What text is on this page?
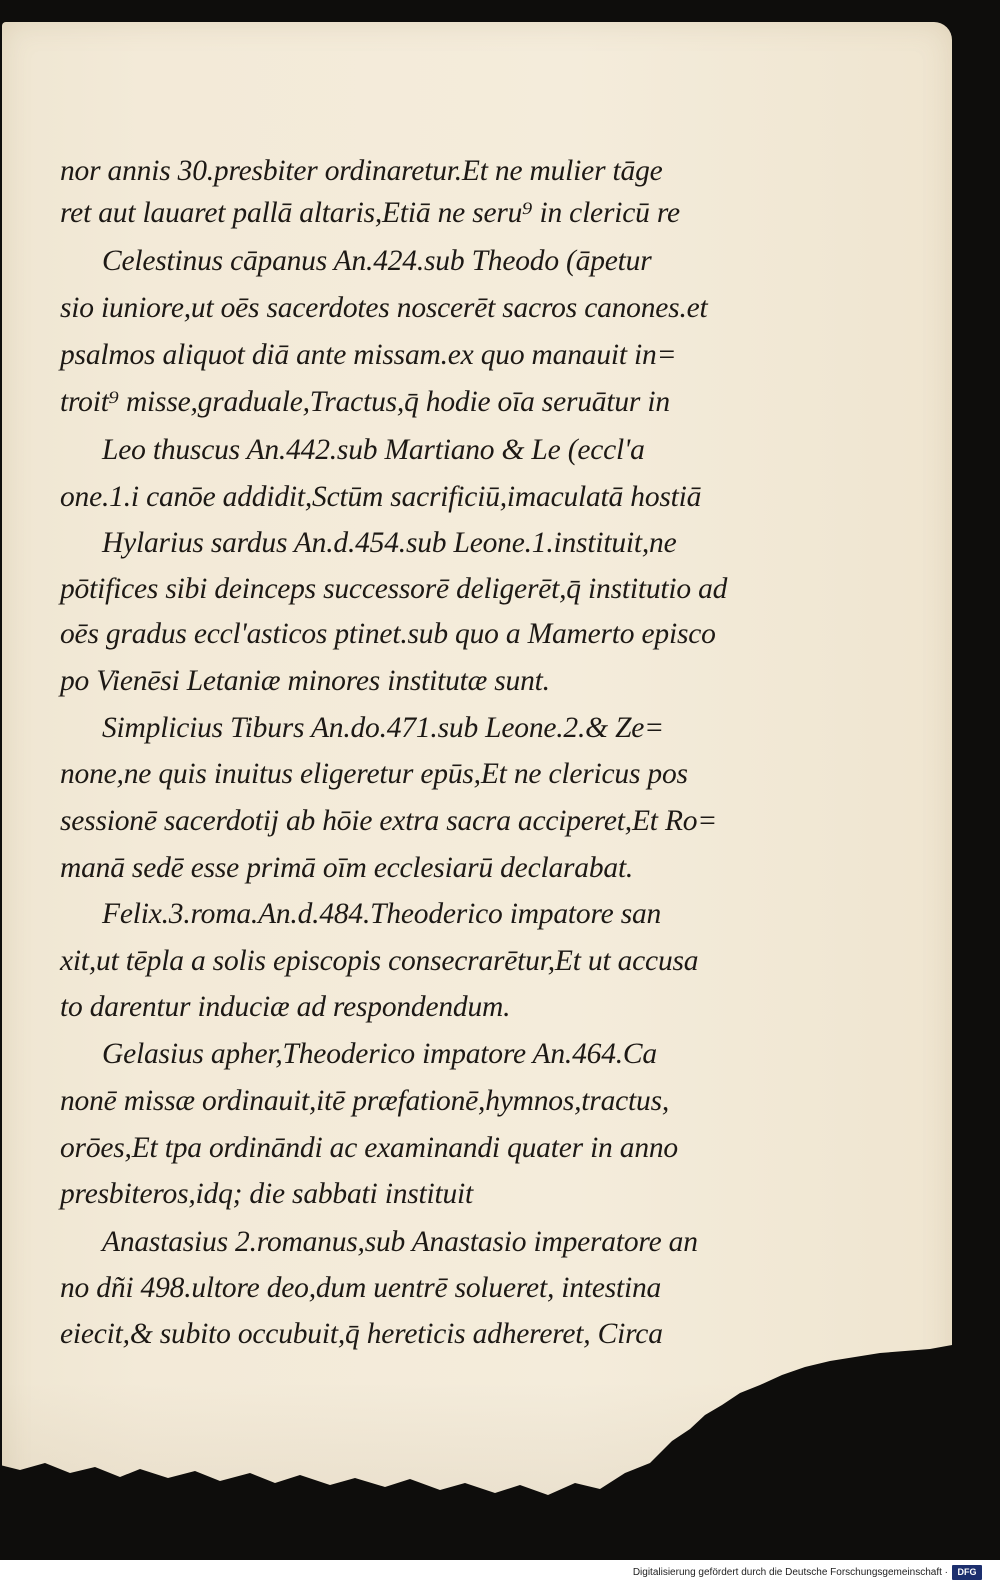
nor annis 30.presbiter ordinaretur.Et ne mulier tāge
ret aut lauaret pallā altaris,Etiā ne seru⁹ in clericū re
Celestinus cāpanus An.424.sub Theodo (āpetur
sio iuniore,ut oēs sacerdotes noscerēt sacros canones.et
psalmos aliquot diā ante missam.ex quo manauit in=
troit⁹ misse,graduale,Tractus,q̄ hodie oīa seruātur in
Leo thuscus An.442.sub Martiano & Le (eccl'a
one.1.i canōe addidit,Sctūm sacrificiū,imaculatā hostiā
Hylarius sardus An.d.454.sub Leone.1.instituit,ne
pōtifices sibi deinceps successorē deligerēt,q̄ institutio ad
oēs gradus eccl'asticos ptinet.sub quo a Mamerto episco
po Vienēsi Letaniæ minores institutæ sunt.
Simplicius Tiburs An.do.471.sub Leone.2.& Ze=
none,ne quis inuitus eligeretur epūs,Et ne clericus pos
sessionē sacerdotij ab hōie extra sacra acciperet,Et Ro=
manā sedē esse primā oīm ecclesiarū declarabat.
Felix.3.roma.An.d.484.Theoderico impatore san
xit,ut tēpla a solis episcopis consecrarētur,Et ut accusa
to darentur induciæ ad respondendum.
Gelasius apher,Theoderico impatore An.464.Ca
nonē missæ ordinauit,itē præfationē,hymnos,tractus,
orōes,Et tpa ordināndi ac examinandi quater in anno
presbiteros,idq; die sabbati instituit
Anastasius 2.romanus,sub Anastasio imperatore an
no dñi 498.ultore deo,dum uentrē solueret, intestina
eiecit,& subito occubuit,q̄ hereticis adhereret, Circa
Digitalisierung gefördert durch die Deutsche Forschungsgemeinschaft ·	DFG
